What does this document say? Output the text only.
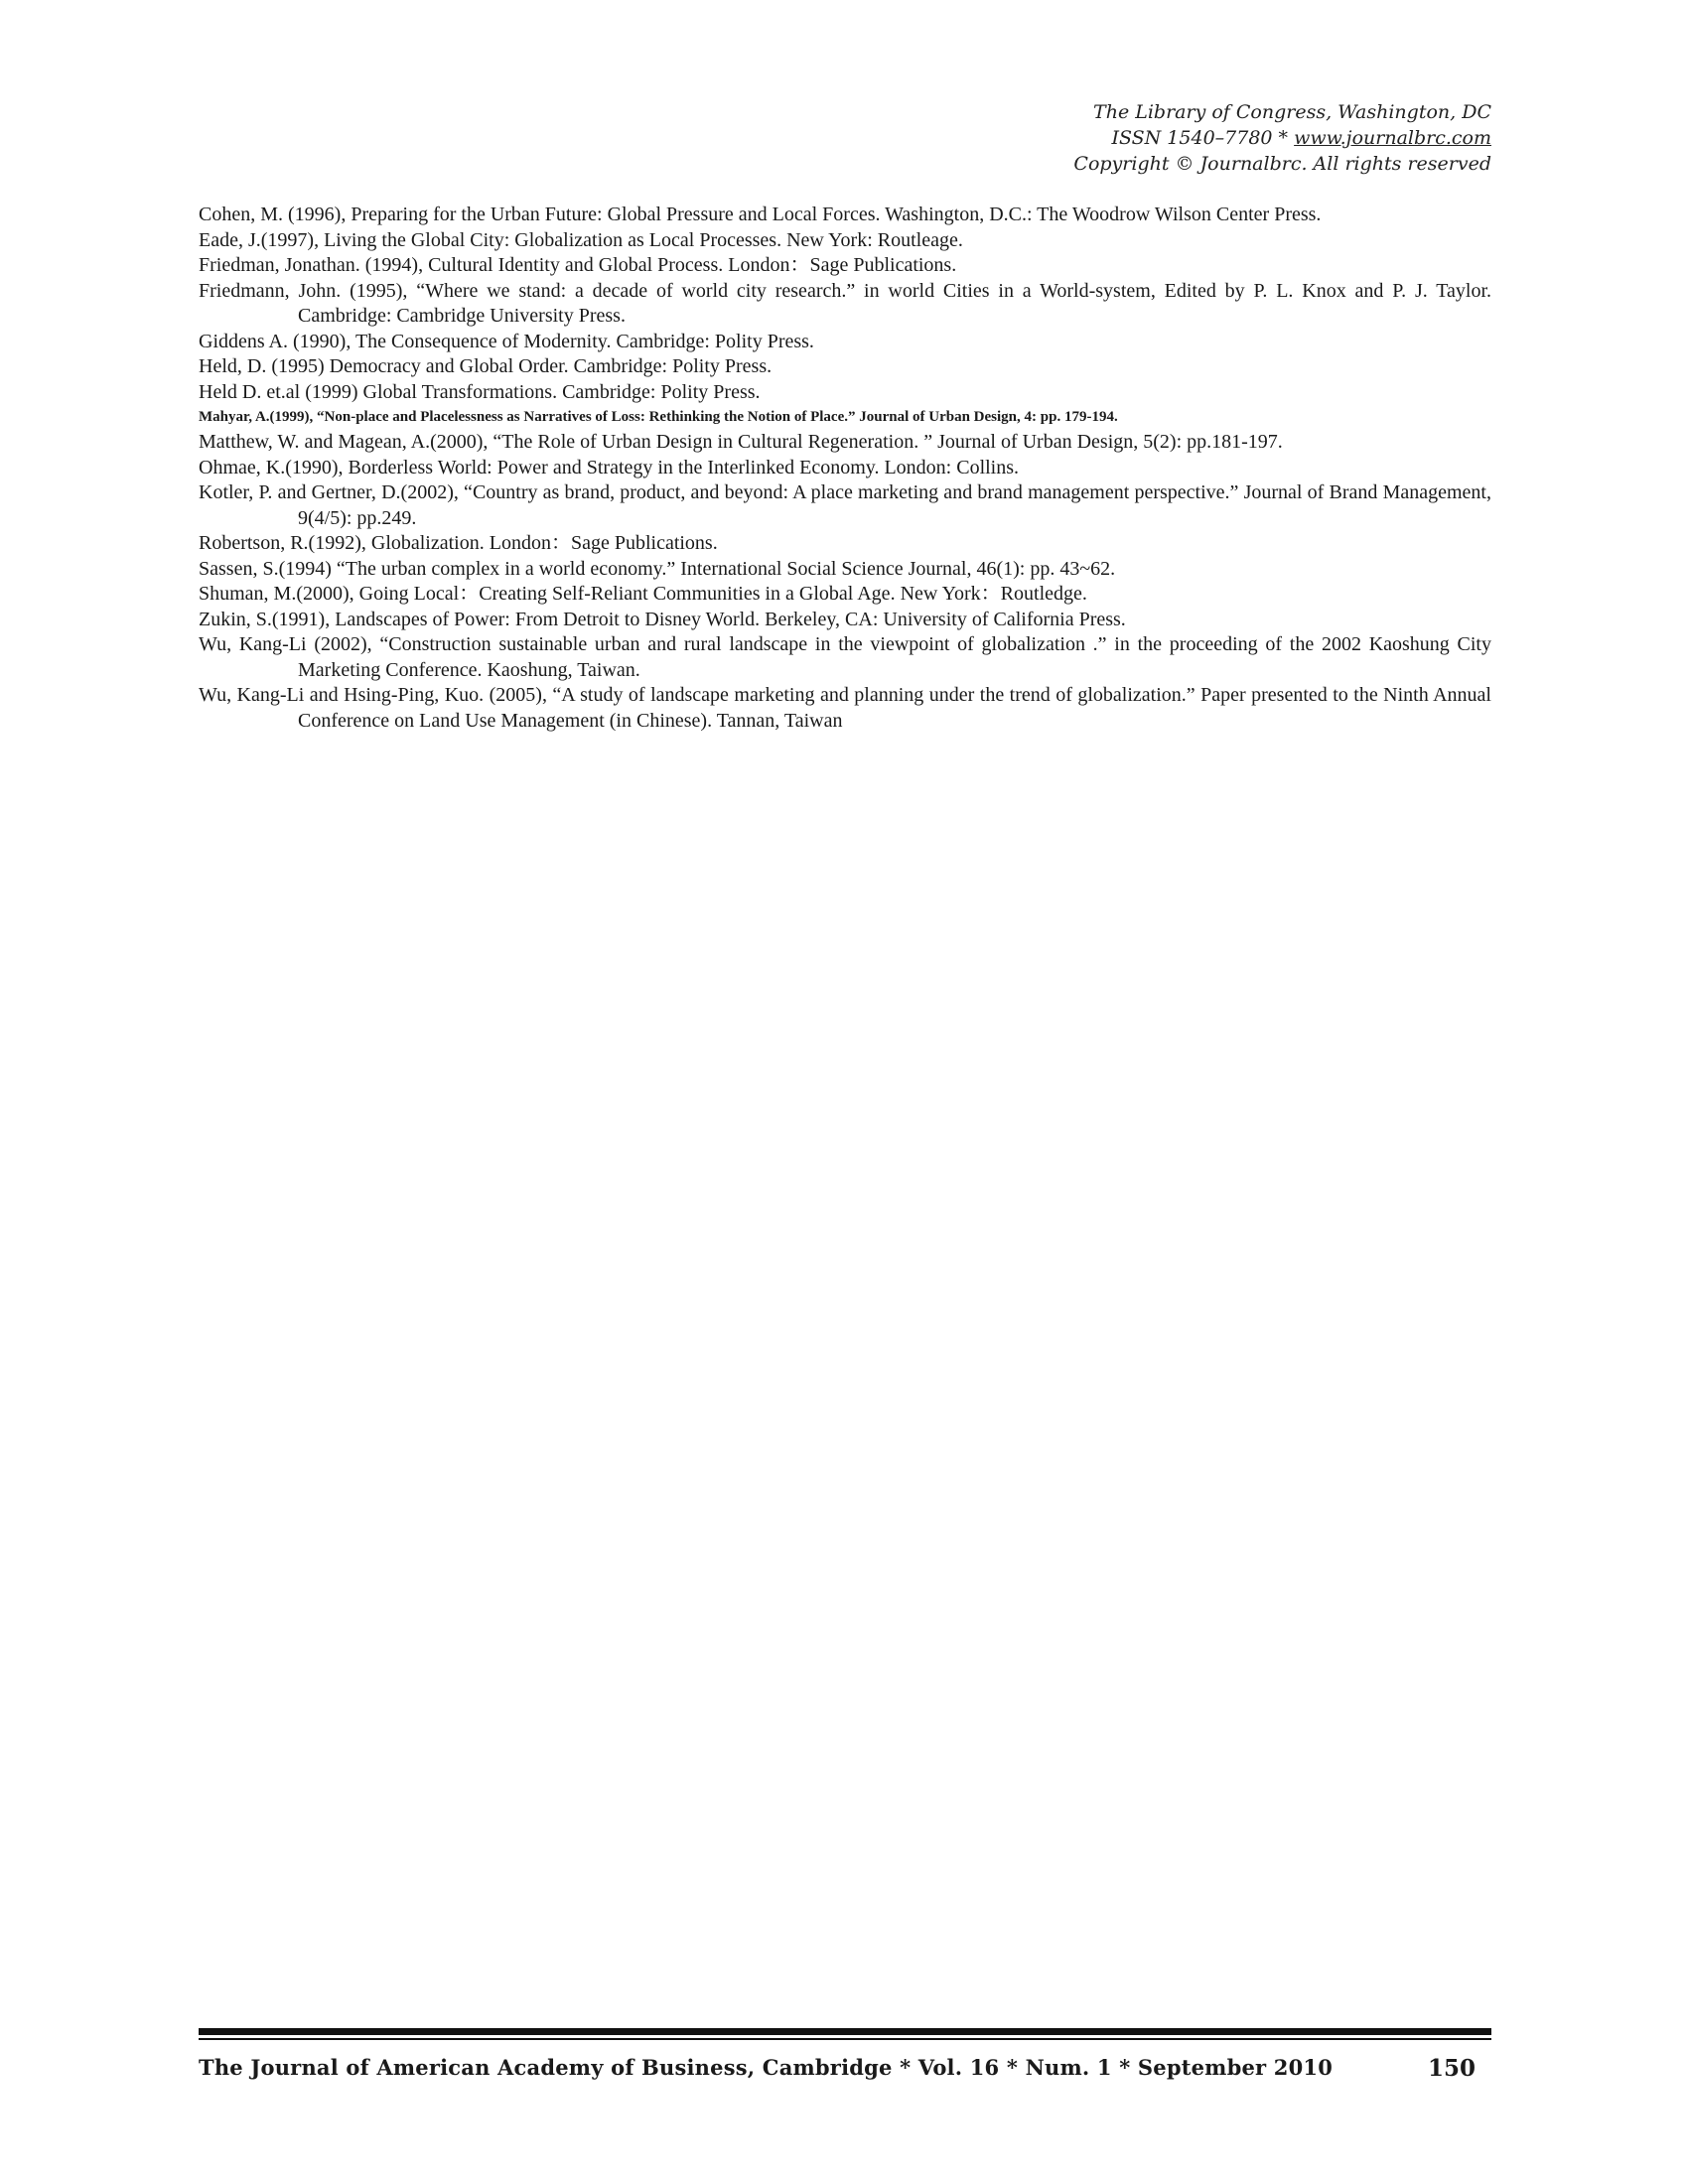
The Library of Congress, Washington, DC
ISSN 1540–7780 * www.journalbrc.com
Copyright © Journalbrc. All rights reserved

Cohen, M. (1996), Preparing for the Urban Future: Global Pressure and Local Forces. Washington, D.C.: The Woodrow Wilson Center Press.

Eade, J.(1997), Living the Global City: Globalization as Local Processes. New York: Routleage.

Friedman, Jonathan. (1994), Cultural Identity and Global Process. London：Sage Publications.

Friedmann, John. (1995), “Where we stand: a decade of world city research.” in world Cities in a World-system, Edited by P. L. Knox and P. J. Taylor. Cambridge: Cambridge University Press.

Giddens A. (1990), The Consequence of Modernity. Cambridge: Polity Press.

Held, D. (1995) Democracy and Global Order. Cambridge: Polity Press.

Held D. et.al (1999) Global Transformations. Cambridge: Polity Press.

Mahyar, A.(1999), “Non-place and Placelessness as Narratives of Loss: Rethinking the Notion of Place.” Journal of Urban Design, 4: pp. 179-194.

Matthew, W. and Magean, A.(2000), “The Role of Urban Design in Cultural Regeneration. ” Journal of Urban Design, 5(2): pp.181-197.

Ohmae, K.(1990), Borderless World: Power and Strategy in the Interlinked Economy. London: Collins.

Kotler, P. and Gertner, D.(2002), “Country as brand, product, and beyond: A place marketing and brand management perspective.” Journal of Brand Management, 9(4/5): pp.249.

Robertson, R.(1992), Globalization. London：Sage Publications.

Sassen, S.(1994) “The urban complex in a world economy.” International Social Science Journal, 46(1): pp. 43~62.

Shuman, M.(2000), Going Local：Creating Self-Reliant Communities in a Global Age. New York：Routledge.

Zukin, S.(1991), Landscapes of Power: From Detroit to Disney World. Berkeley, CA: University of California Press.

Wu, Kang-Li (2002), “Construction sustainable urban and rural landscape in the viewpoint of globalization .” in the proceeding of the 2002 Kaoshung City Marketing Conference. Kaoshung, Taiwan.

Wu, Kang-Li and Hsing-Ping, Kuo. (2005), “A study of landscape marketing and planning under the trend of globalization.” Paper presented to the Ninth Annual Conference on Land Use Management (in Chinese). Tannan, Taiwan

The Journal of American Academy of Business, Cambridge * Vol. 16 * Num. 1 * September 2010	150
